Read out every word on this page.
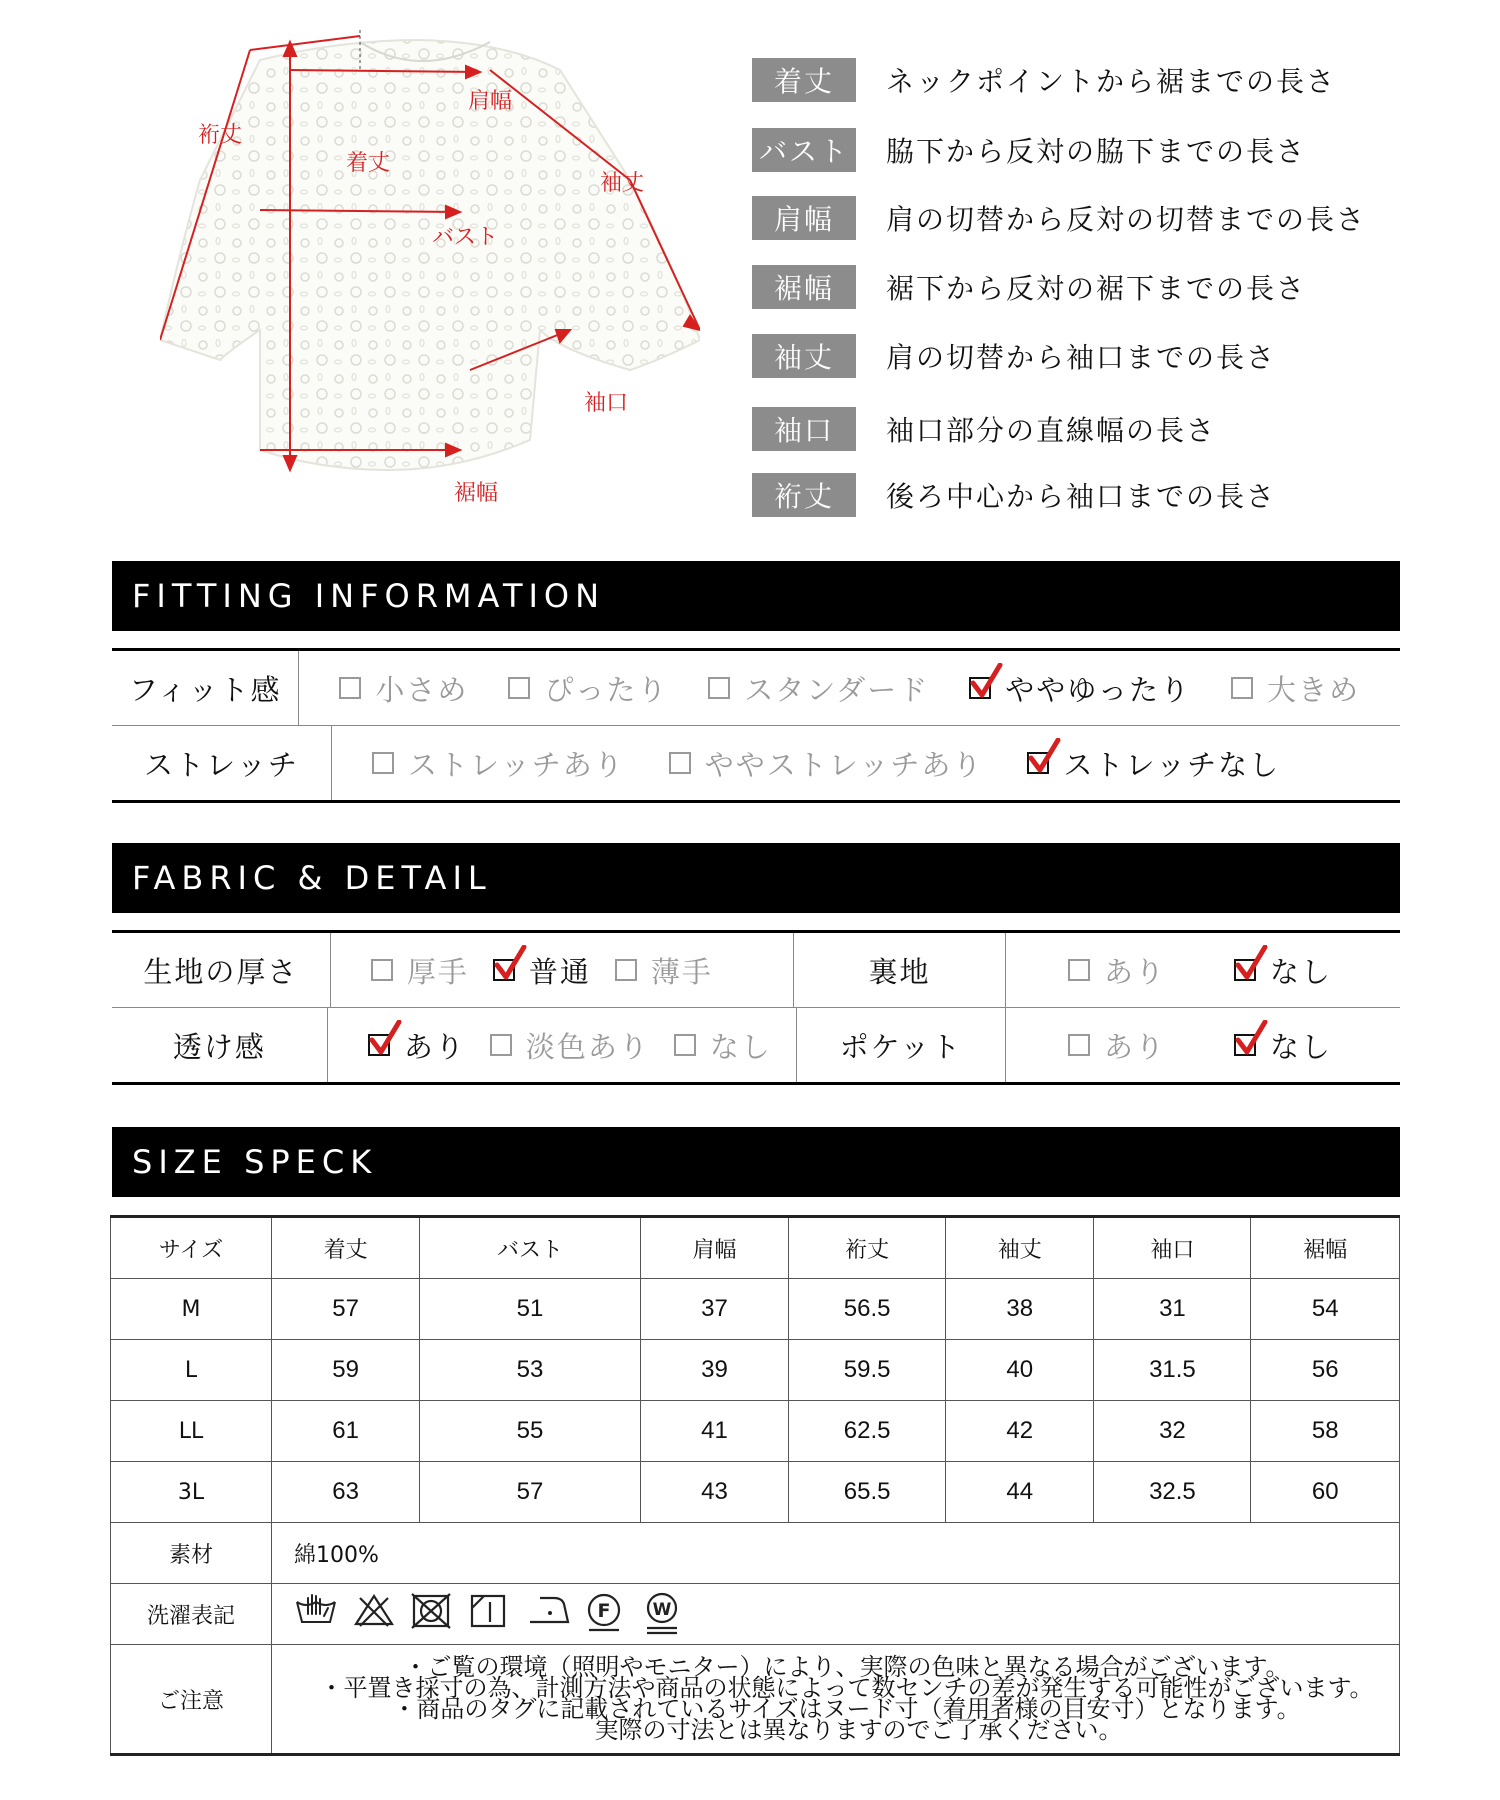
肩幅
裄丈
着丈
袖丈
バスト
袖口
裾幅
着丈	ネックポイントから裾までの長さ
バスト 脇下から反対の脇下までの長さ
肩幅	肩の切替から反対の切替までの長さ
裾幅	裾下から反対の裾下までの長さ
袖丈	肩の切替から袖口までの長さ
袖口	袖口部分の直線幅の長さ
裄丈	後ろ中心から袖口までの長さ
FITTING INFORMATION
フィット感	小さめ	ぴったり	スタンダード	ややゆったり	大きめ
ストレッチ	ストレッチあり	ややストレッチあり	ストレッチなし
FABRIC & DETAIL
生地の厚さ	厚手 普通 薄手	裏地	あり	なし
透け感	あり 淡色あり なし	ポケット	あり	なし
SIZE SPECK
サイズ	着丈	バスト	肩幅	裄丈	袖丈	袖口	裾幅
M	57	51	37	56.5	38	31	54
L	59	53	39	59.5	40	31.5	56
LL	61	55	41	62.5	42	32	58
3L	63	57	43	65.5	44	32.5	60
素材	綿100%						
洗濯表記	F W						

ご注意	・ご覧の環境（照明やモニター）により、実際の色味と異なる場合がございます。
・平置き採寸の為、計測方法や商品の状態によって数センチの差が発生する可能性がございます。
・商品のタグに記載されているサイズはヌード寸（着用者様の目安寸）となります。
　実際の寸法とは異なりますのでご了承ください。						
